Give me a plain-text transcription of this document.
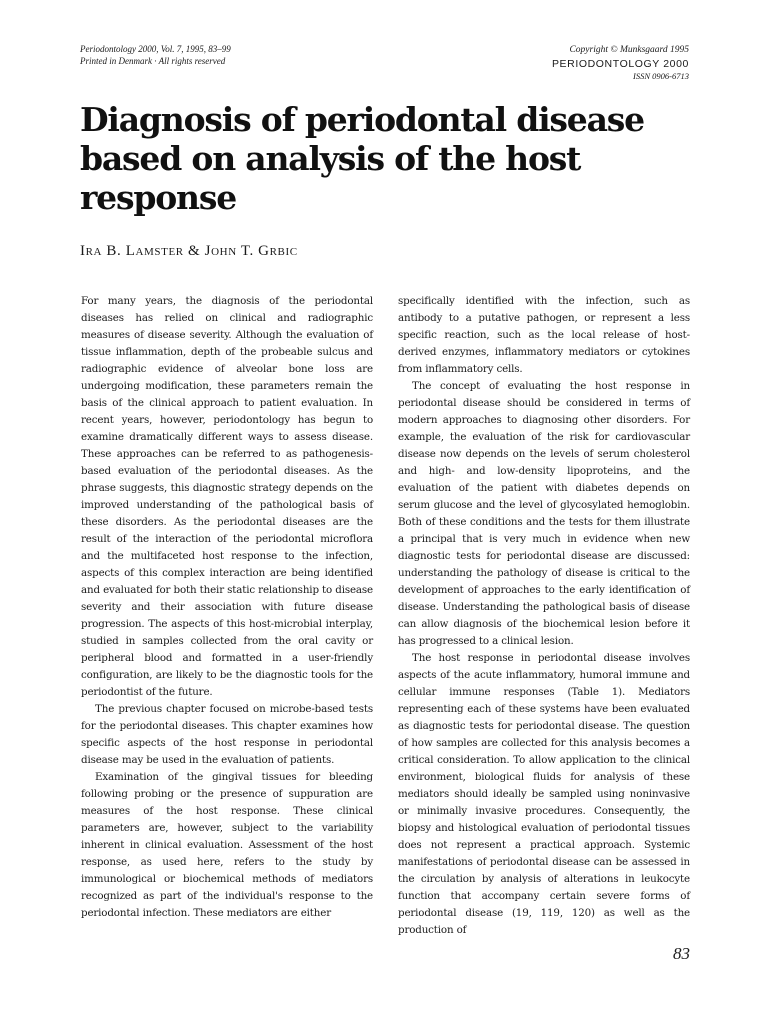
Periodontology 2000, Vol. 7, 1995, 83–99
Printed in Denmark · All rights reserved
Copyright © Munksgaard 1995
PERIODONTOLOGY 2000
ISSN 0906-6713
Diagnosis of periodontal disease based on analysis of the host response
Ira B. Lamster & John T. Grbic

For many years, the diagnosis of the periodontal diseases has relied on clinical and radiographic measures of disease severity. Although the evaluation of tissue inflammation, depth of the probeable sulcus and radiographic evidence of alveolar bone loss are undergoing modification, these parameters remain the basis of the clinical approach to patient evaluation. In recent years, however, periodontology has begun to examine dramatically different ways to assess disease. These approaches can be referred to as pathogenesis-based evaluation of the periodontal diseases. As the phrase suggests, this diagnostic strategy depends on the improved understanding of the pathological basis of these disorders. As the periodontal diseases are the result of the interaction of the periodontal microflora and the multifaceted host response to the infection, aspects of this complex interaction are being identified and evaluated for both their static relationship to disease severity and their association with future disease progression. The aspects of this host-microbial interplay, studied in samples collected from the oral cavity or peripheral blood and formatted in a user-friendly configuration, are likely to be the diagnostic tools for the periodontist of the future.

The previous chapter focused on microbe-based tests for the periodontal diseases. This chapter examines how specific aspects of the host response in periodontal disease may be used in the evaluation of patients.

Examination of the gingival tissues for bleeding following probing or the presence of suppuration are measures of the host response. These clinical parameters are, however, subject to the variability inherent in clinical evaluation. Assessment of the host response, as used here, refers to the study by immunological or biochemical methods of mediators recognized as part of the individual's response to the periodontal infection. These mediators are either

specifically identified with the infection, such as antibody to a putative pathogen, or represent a less specific reaction, such as the local release of host-derived enzymes, inflammatory mediators or cytokines from inflammatory cells.

The concept of evaluating the host response in periodontal disease should be considered in terms of modern approaches to diagnosing other disorders. For example, the evaluation of the risk for cardiovascular disease now depends on the levels of serum cholesterol and high- and low-density lipoproteins, and the evaluation of the patient with diabetes depends on serum glucose and the level of glycosylated hemoglobin. Both of these conditions and the tests for them illustrate a principal that is very much in evidence when new diagnostic tests for periodontal disease are discussed: understanding the pathology of disease is critical to the development of approaches to the early identification of disease. Understanding the pathological basis of disease can allow diagnosis of the biochemical lesion before it has progressed to a clinical lesion.

The host response in periodontal disease involves aspects of the acute inflammatory, humoral immune and cellular immune responses (Table 1). Mediators representing each of these systems have been evaluated as diagnostic tests for periodontal disease. The question of how samples are collected for this analysis becomes a critical consideration. To allow application to the clinical environment, biological fluids for analysis of these mediators should ideally be sampled using noninvasive or minimally invasive procedures. Consequently, the biopsy and histological evaluation of periodontal tissues does not represent a practical approach. Systemic manifestations of periodontal disease can be assessed in the circulation by analysis of alterations in leukocyte function that accompany certain severe forms of periodontal disease (19, 119, 120) as well as the production of

83
